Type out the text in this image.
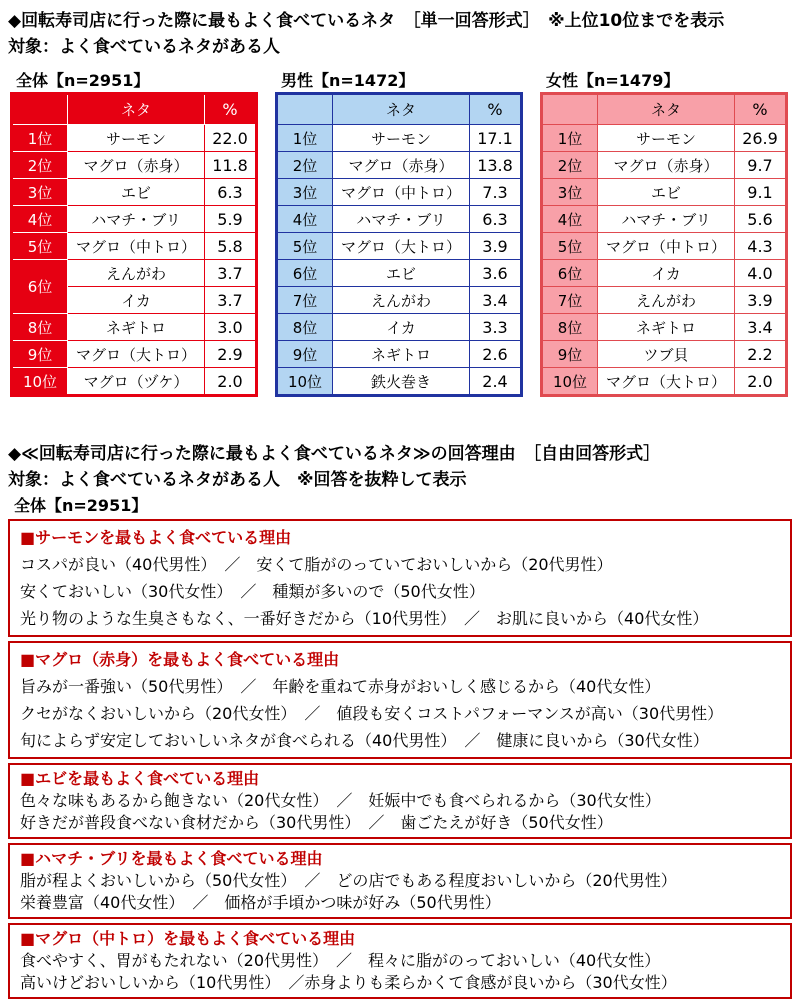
◆回転寿司店に行った際に最もよく食べているネタ　［単一回答形式］　※上位10位までを表示
対象：よく食べているネタがある人
全体【n=2951】
	ネタ	%
1位	サーモン	22.0
2位	マグロ（赤身）	11.8
3位	エビ	6.3
4位	ハマチ・ブリ	5.9
5位	マグロ（中トロ）	5.8
6位	えんがわ	3.7
	イカ	3.7
8位	ネギトロ	3.0
9位	マグロ（大トロ）	2.9
10位	マグロ（ヅケ）	2.0
男性【n=1472】
	ネタ	%
1位	サーモン	17.1
2位	マグロ（赤身）	13.8
3位	マグロ（中トロ）	7.3
4位	ハマチ・ブリ	6.3
5位	マグロ（大トロ）	3.9
6位	エビ	3.6
7位	えんがわ	3.4
8位	イカ	3.3
9位	ネギトロ	2.6
10位	鉄火巻き	2.4
女性【n=1479】
	ネタ	%
1位	サーモン	26.9
2位	マグロ（赤身）	9.7
3位	エビ	9.1
4位	ハマチ・ブリ	5.6
5位	マグロ（中トロ）	4.3
6位	イカ	4.0
7位	えんがわ	3.9
8位	ネギトロ	3.4
9位	ツブ貝	2.2
10位	マグロ（大トロ）	2.0
◆≪回転寿司店に行った際に最もよく食べているネタ≫の回答理由　［自由回答形式］
対象：よく食べているネタがある人　※回答を抜粋して表示
全体【n=2951】
■サーモンを最もよく食べている理由
コスパが良い（40代男性）　／　安くて脂がのっていておいしいから（20代男性）
安くておいしい（30代女性）　／　種類が多いので（50代女性）
光り物のような生臭さもなく、一番好きだから（10代男性）　／　お肌に良いから（40代女性）
■マグロ（赤身）を最もよく食べている理由
旨みが一番強い（50代男性）　／　年齢を重ねて赤身がおいしく感じるから（40代女性）
クセがなくおいしいから（20代女性）　／　値段も安くコストパフォーマンスが高い（30代男性）
旬によらず安定しておいしいネタが食べられる（40代男性）　／　健康に良いから（30代女性）
■エビを最もよく食べている理由
色々な味もあるから飽きない（20代女性）　／　妊娠中でも食べられるから（30代女性）
好きだが普段食べない食材だから（30代男性）　／　歯ごたえが好き（50代女性）
■ハマチ・ブリを最もよく食べている理由
脂が程よくおいしいから（50代女性）　／　どの店でもある程度おいしいから（20代男性）
栄養豊富（40代女性）　／　価格が手頃かつ味が好み（50代男性）
■マグロ（中トロ）を最もよく食べている理由
食べやすく、胃がもたれない（20代男性）　／　程々に脂がのっておいしい（40代女性）
高いけどおいしいから（10代男性）　／赤身よりも柔らかくて食感が良いから（30代女性）
